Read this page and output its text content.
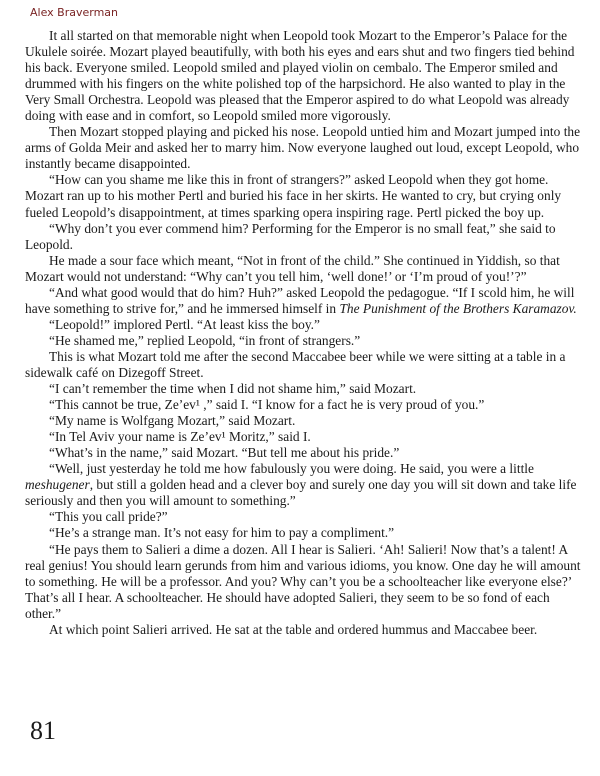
Alex Braverman

It all started on that memorable night when Leopold took Mozart to the Emperor’s Palace for the Ukulele soirée. Mozart played beautifully, with both his eyes and ears shut and two fingers tied behind his back. Everyone smiled. Leopold smiled and played violin on cembalo. The Emperor smiled and drummed with his fingers on the white polished top of the harpsichord. He also wanted to play in the Very Small Orchestra. Leopold was pleased that the Emperor aspired to do what Leopold was already doing with ease and in comfort, so Leopold smiled more vigorously.

Then Mozart stopped playing and picked his nose. Leopold untied him and Mozart jumped into the arms of Golda Meir and asked her to marry him. Now everyone laughed out loud, except Leopold, who instantly became disappointed.

“How can you shame me like this in front of strangers?” asked Leopold when they got home. Mozart ran up to his mother Pertl and buried his face in her skirts. He wanted to cry, but crying only fueled Leopold’s disappointment, at times sparking opera inspiring rage. Pertl picked the boy up.

“Why don’t you ever commend him? Performing for the Emperor is no small feat,” she said to Leopold.

He made a sour face which meant, “Not in front of the child.” She continued in Yiddish, so that Mozart would not understand: “Why can’t you tell him, ‘well done!’ or ‘I’m proud of you!’?”

“And what good would that do him? Huh?” asked Leopold the pedagogue. “If I scold him, he will have something to strive for,” and he immersed himself in The Punishment of the Brothers Karamazov.

“Leopold!” implored Pertl. “At least kiss the boy.”

“He shamed me,” replied Leopold, “in front of strangers.”

This is what Mozart told me after the second Maccabee beer while we were sitting at a table in a sidewalk café on Dizegoff Street.

“I can’t remember the time when I did not shame him,” said Mozart.

“This cannot be true, Ze’ev¹ ,” said I. “I know for a fact he is very proud of you.”

“My name is Wolfgang Mozart,” said Mozart.

“In Tel Aviv your name is Ze’ev¹ Moritz,” said I.

“What’s in the name,” said Mozart. “But tell me about his pride.”

“Well, just yesterday he told me how fabulously you were doing. He said, you were a little meshugener, but still a golden head and a clever boy and surely one day you will sit down and take life seriously and then you will amount to something.”

“This you call pride?”

“He’s a strange man. It’s not easy for him to pay a compliment.”

“He pays them to Salieri a dime a dozen. All I hear is Salieri. ‘Ah! Salieri! Now that’s a talent! A real genius! You should learn gerunds from him and various idioms, you know. One day he will amount to something. He will be a professor. And you? Why can’t you be a schoolteacher like everyone else?’ That’s all I hear. A schoolteacher. He should have adopted Salieri, they seem to be so fond of each other.”

At which point Salieri arrived. He sat at the table and ordered hummus and Maccabee beer.

81
